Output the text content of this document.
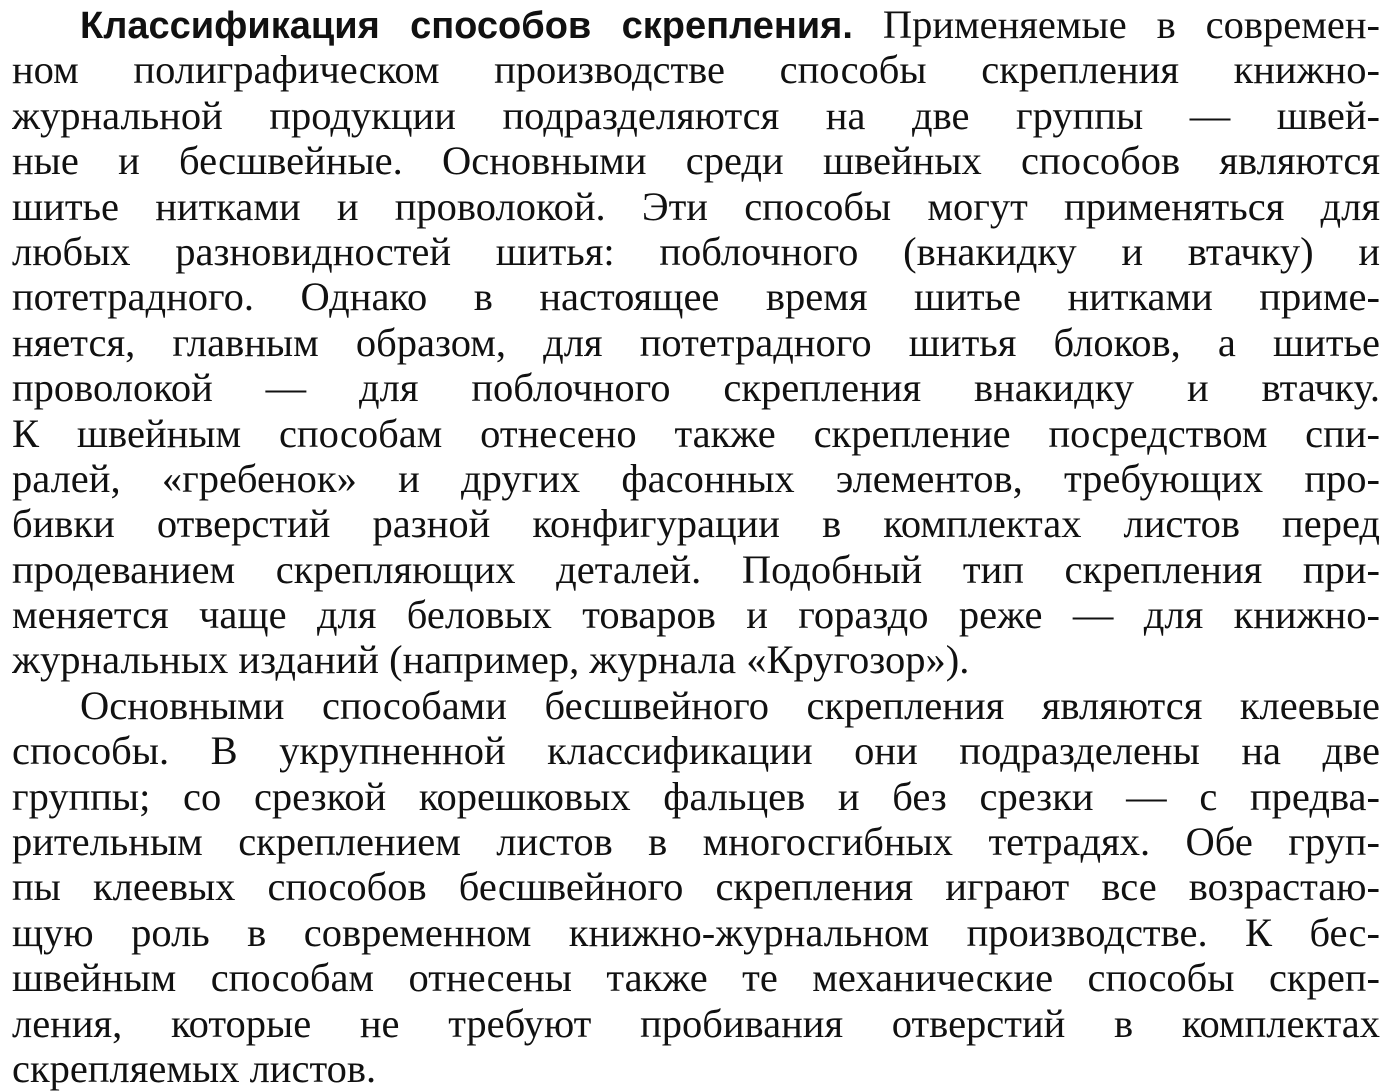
Классификация способов скрепления. Применяемые в современ-
ном полиграфическом производстве способы скрепления книжно-
журнальной продукции подразделяются на две группы — швей-
ные и бесшвейные. Основными среди швейных способов являются
шитье нитками и проволокой. Эти способы могут применяться для
любых разновидностей шитья: поблочного (внакидку и втачку) и
потетрадного. Однако в настоящее время шитье нитками приме-
няется, главным образом, для потетрадного шитья блоков, а шитье
проволокой — для поблочного скрепления внакидку и втачку.
К швейным способам отнесено также скрепление посредством спи-
ралей, «гребенок» и других фасонных элементов, требующих про-
бивки отверстий разной конфигурации в комплектах листов перед
продеванием скрепляющих деталей. Подобный тип скрепления при-
меняется чаще для беловых товаров и гораздо реже — для книжно-
журнальных изданий (например, журнала «Кругозор»).
Основными способами бесшвейного скрепления являются клеевые
способы. В укрупненной классификации они подразделены на две
группы; со срезкой корешковых фальцев и без срезки — с предва-
рительным скреплением листов в многосгибных тетрадях. Обе груп-
пы клеевых способов бесшвейного скрепления играют все возрастаю-
щую роль в современном книжно-журнальном производстве. К бес-
швейным способам отнесены также те механические способы скреп-
ления, которые не требуют пробивания отверстий в комплектах
скрепляемых листов.
